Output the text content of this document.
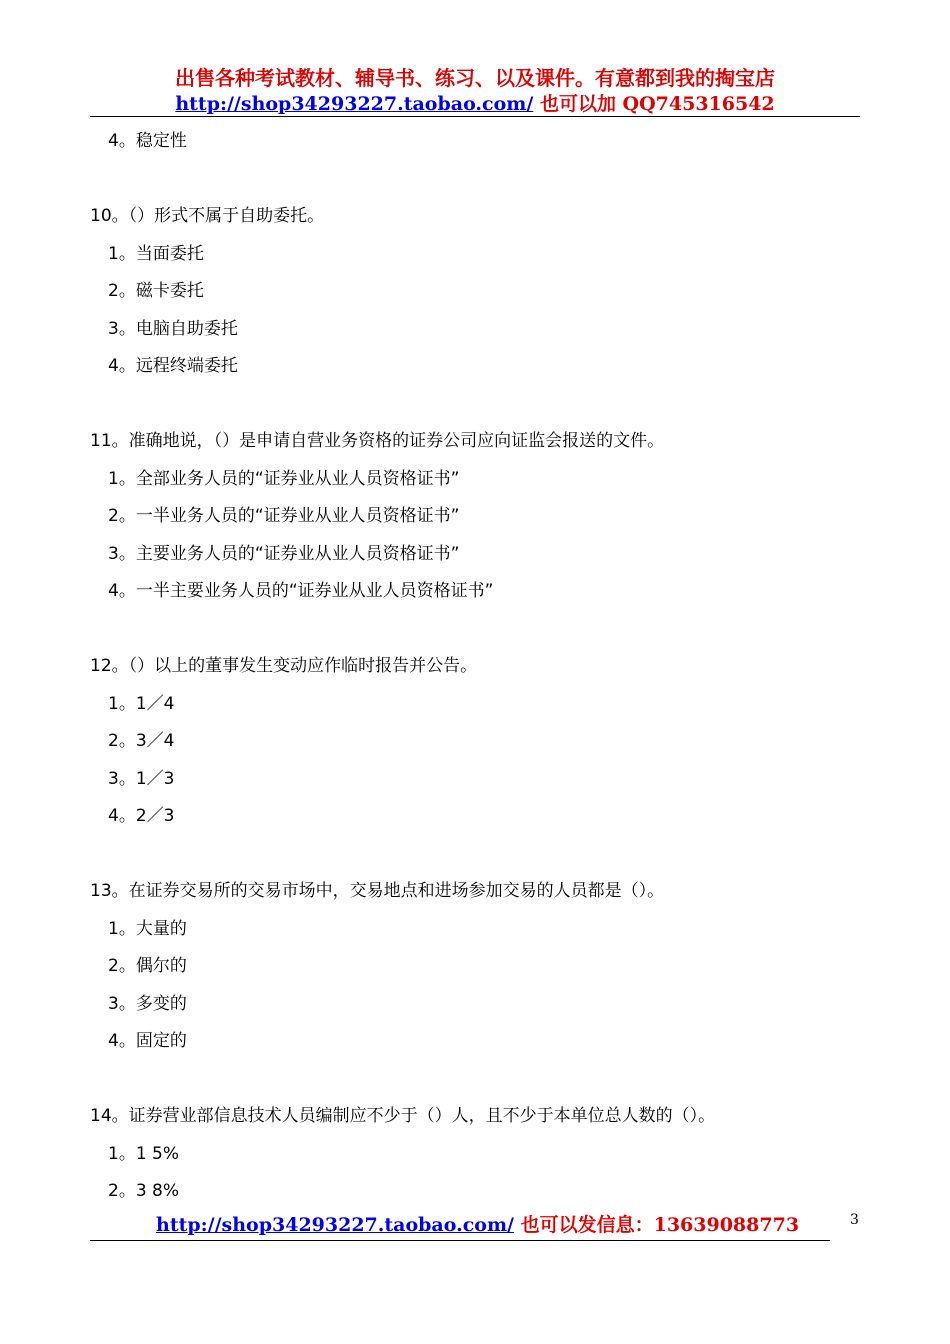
出售各种考试教材、辅导书、练习、以及课件。有意都到我的掏宝店
http://shop34293227.taobao.com/ 也可以加 QQ745316542
4。稳定性
10。（）形式不属于自助委托。
1。当面委托
2。磁卡委托
3。电脑自助委托
4。远程终端委托
11。准确地说，（）是申请自营业务资格的证券公司应向证监会报送的文件。
1。全部业务人员的“证券业从业人员资格证书”
2。一半业务人员的“证券业从业人员资格证书”
3。主要业务人员的“证券业从业人员资格证书”
4。一半主要业务人员的“证券业从业人员资格证书”
12。（）以上的董事发生变动应作临时报告并公告。
1。1／4
2。3／4
3。1／3
4。2／3
13。在证券交易所的交易市场中，交易地点和进场参加交易的人员都是（）。
1。大量的
2。偶尔的
3。多变的
4。固定的
14。证券营业部信息技术人员编制应不少于（）人，且不少于本单位总人数的（）。
1。1 5%
2。3 8%
http://shop34293227.taobao.com/ 也可以发信息：13639088773	3
